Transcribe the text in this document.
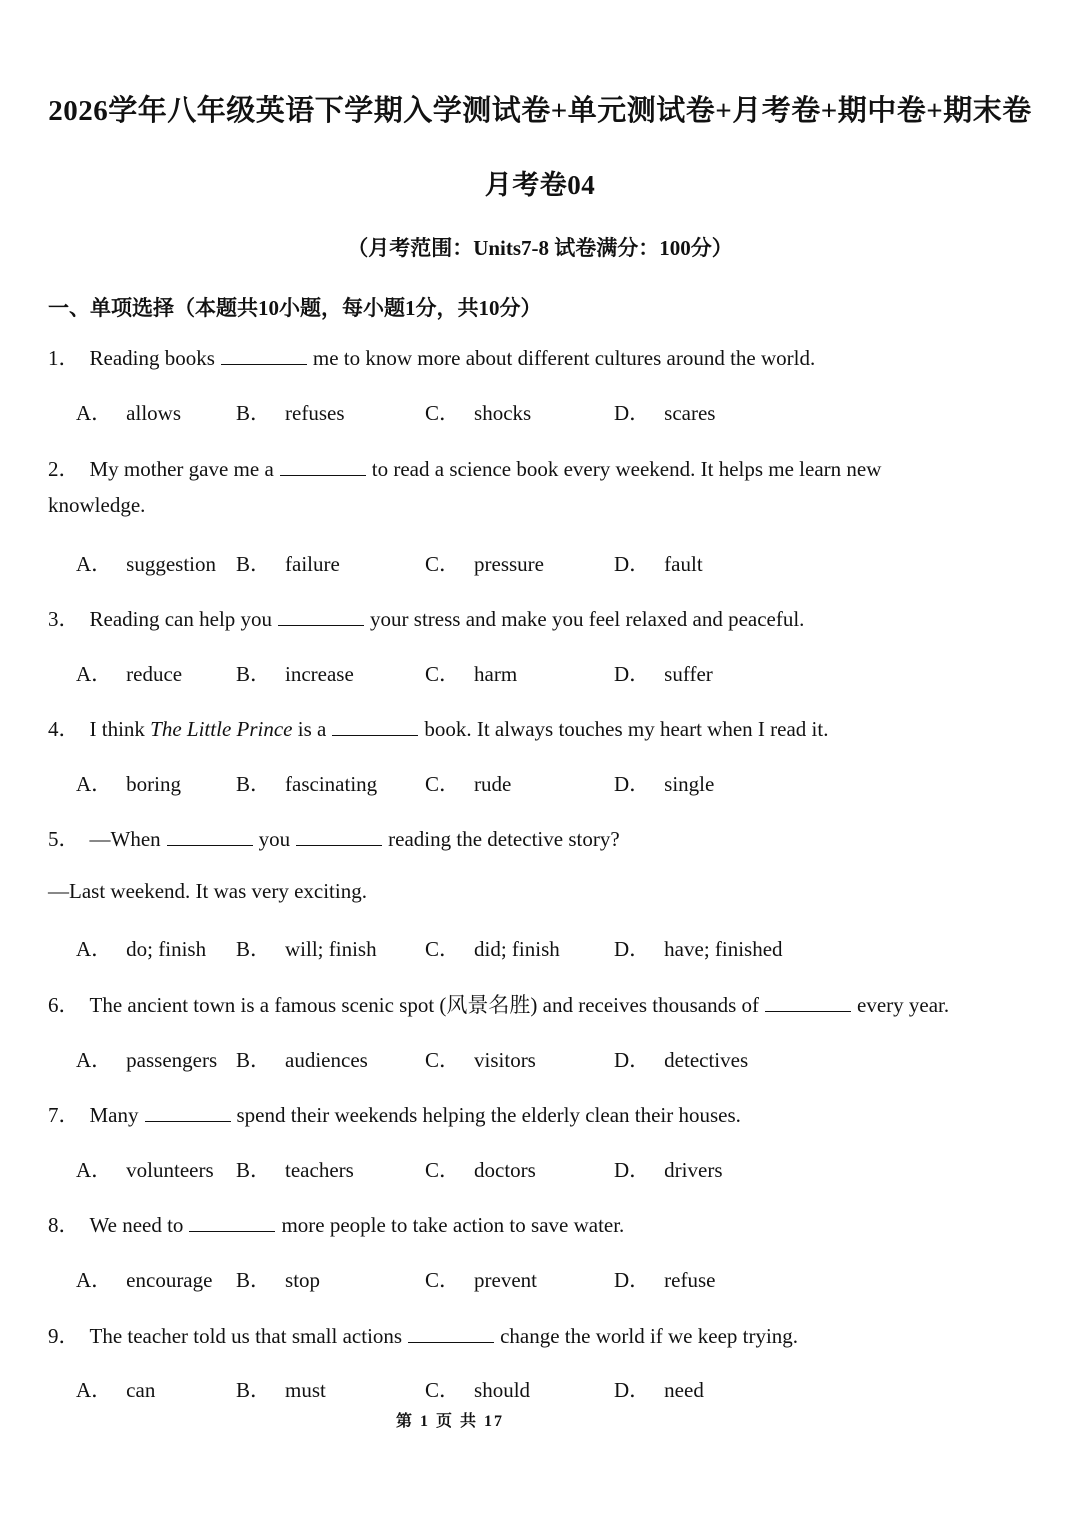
2026学年八年级英语下学期入学测试卷+单元测试卷+月考卷+期中卷+期末卷
月考卷04
（月考范围：Units7-8 试卷满分：100分）
一、单项选择（本题共10小题，每小题1分，共10分）
1． Reading books	me to know more about different cultures around the world.
A． allows	B． refuses	C． shocks	D． scares
2． My mother gave me a	to read a science book every weekend. It helps me learn new
knowledge.
A． suggestion B． failure	C． pressure	D． fault
3． Reading can help you	your stress and make you feel relaxed and peaceful.
A． reduce	B． increase	C． harm	D． suffer
4． I think The Little Prince is a	book. It always touches my heart when I read it.
A． boring	B． fascinating C． rude	D． single
5． —When	you	reading the detective story?
—Last weekend. It was very exciting.
A． do; finish B． will; finish C． did; finish	D． have; finished
6． The ancient town is a famous scenic spot (风景名胜) and receives thousands of	every year.
A． passengers B． audiences	C． visitors	D． detectives
7． Many	spend their weekends helping the elderly clean their houses.
A． volunteers B． teachers	C． doctors	D． drivers
8． We need to	more people to take action to save water.
A． encourage B． stop	C． prevent	D． refuse
9． The teacher told us that small actions	change the world if we keep trying.
A． can	B． must	C． should	D． need
第 1 页 共 17
